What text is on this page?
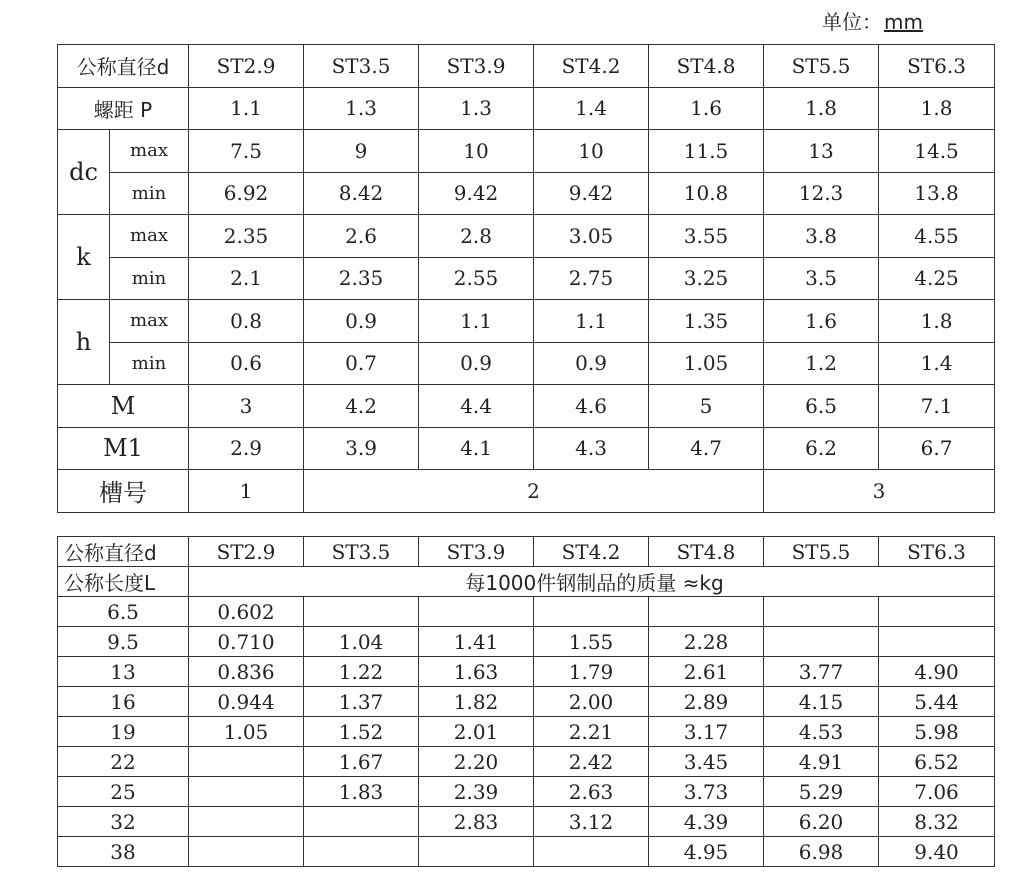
单位： mm
公称直径d		ST2.9	ST3.5	ST3.9	ST4.2	ST4.8	ST5.5	ST6.3
螺距 P		1.1	1.3	1.3	1.4	1.6	1.8	1.8
dc	max	7.5	9	10	10	11.5	13	14.5
	min	6.92	8.42	9.42	9.42	10.8	12.3	13.8
k	max	2.35	2.6	2.8	3.05	3.55	3.8	4.55
	min	2.1	2.35	2.55	2.75	3.25	3.5	4.25
h	max	0.8	0.9	1.1	1.1	1.35	1.6	1.8
	min	0.6	0.7	0.9	0.9	1.05	1.2	1.4
M		3	4.2	4.4	4.6	5	6.5	7.1
M1		2.9	3.9	4.1	4.3	4.7	6.2	6.7
槽号		1	2				3	
公称直径d	ST2.9	ST3.5	ST3.9	ST4.2	ST4.8	ST5.5	ST6.3
公称长度L	每1000件钢制品的质量 ≈kg						
6.5	0.602						
9.5	0.710	1.04	1.41	1.55	2.28		
13	0.836	1.22	1.63	1.79	2.61	3.77	4.90
16	0.944	1.37	1.82	2.00	2.89	4.15	5.44
19	1.05	1.52	2.01	2.21	3.17	4.53	5.98
22		1.67	2.20	2.42	3.45	4.91	6.52
25		1.83	2.39	2.63	3.73	5.29	7.06
32			2.83	3.12	4.39	6.20	8.32
38					4.95	6.98	9.40
